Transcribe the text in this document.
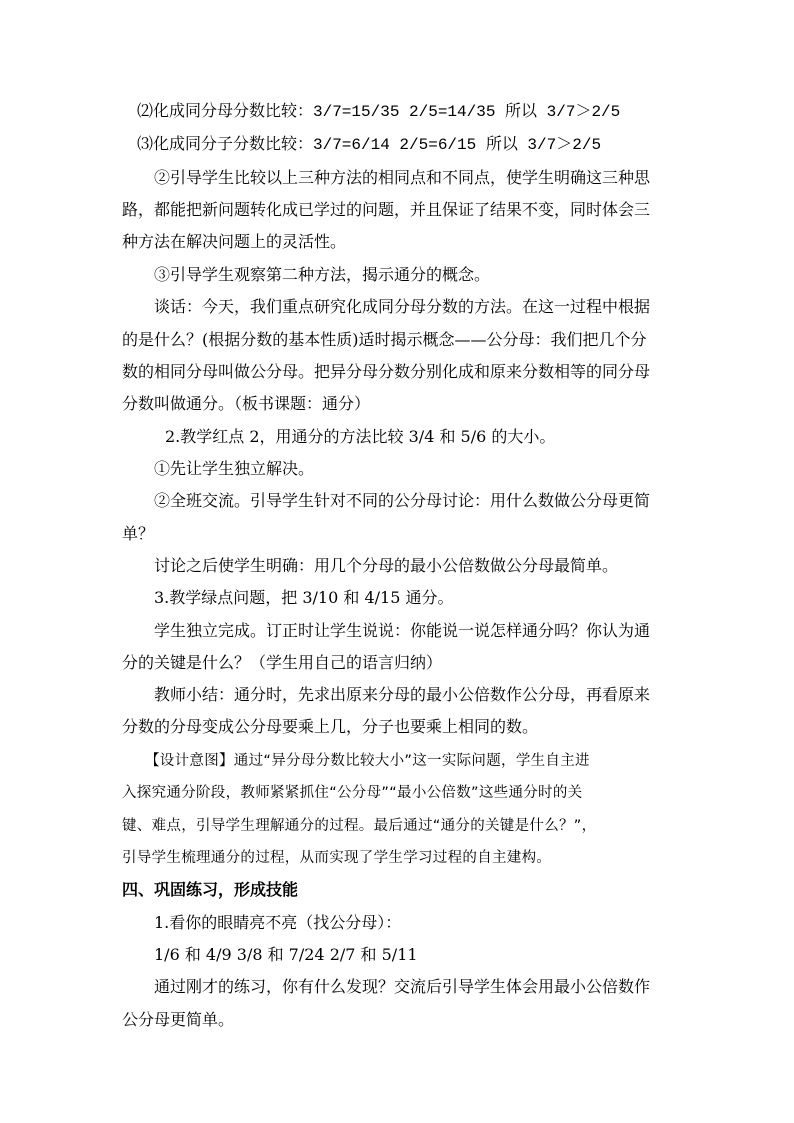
⑵化成同分母分数比较：3/7=15/35 2/5=14/35 所以 3/7＞2/5
⑶化成同分子分数比较：3/7=6/14 2/5=6/15 所以 3/7＞2/5
②引导学生比较以上三种方法的相同点和不同点，使学生明确这三种思
路，都能把新问题转化成已学过的问题，并且保证了结果不变，同时体会三
种方法在解决问题上的灵活性。
③引导学生观察第二种方法，揭示通分的概念。
谈话：今天，我们重点研究化成同分母分数的方法。在这一过程中根据
的是什么？(根据分数的基本性质)适时揭示概念——公分母：我们把几个分
数的相同分母叫做公分母。把异分母分数分别化成和原来分数相等的同分母
分数叫做通分。（板书课题：通分）
2.教学红点 2，用通分的方法比较 3/4 和 5/6 的大小。
①先让学生独立解决。
②全班交流。引导学生针对不同的公分母讨论：用什么数做公分母更简
单？
讨论之后使学生明确：用几个分母的最小公倍数做公分母最简单。
3.教学绿点问题，把 3/10 和 4/15 通分。
学生独立完成。订正时让学生说说：你能说一说怎样通分吗？你认为通
分的关键是什么？（学生用自己的语言归纳）
教师小结：通分时，先求出原来分母的最小公倍数作公分母，再看原来
分数的分母变成公分母要乘上几，分子也要乘上相同的数。
【设计意图】通过“异分母分数比较大小”这一实际问题，学生自主进
入探究通分阶段，教师紧紧抓住“公分母”“最小公倍数”这些通分时的关
键、难点，引导学生理解通分的过程。最后通过“通分的关键是什么？”，
引导学生梳理通分的过程，从而实现了学生学习过程的自主建构。
四、巩固练习，形成技能
1.看你的眼睛亮不亮（找公分母）：
1/6 和 4/9 3/8 和 7/24 2/7 和 5/11
通过刚才的练习，你有什么发现？交流后引导学生体会用最小公倍数作
公分母更简单。
